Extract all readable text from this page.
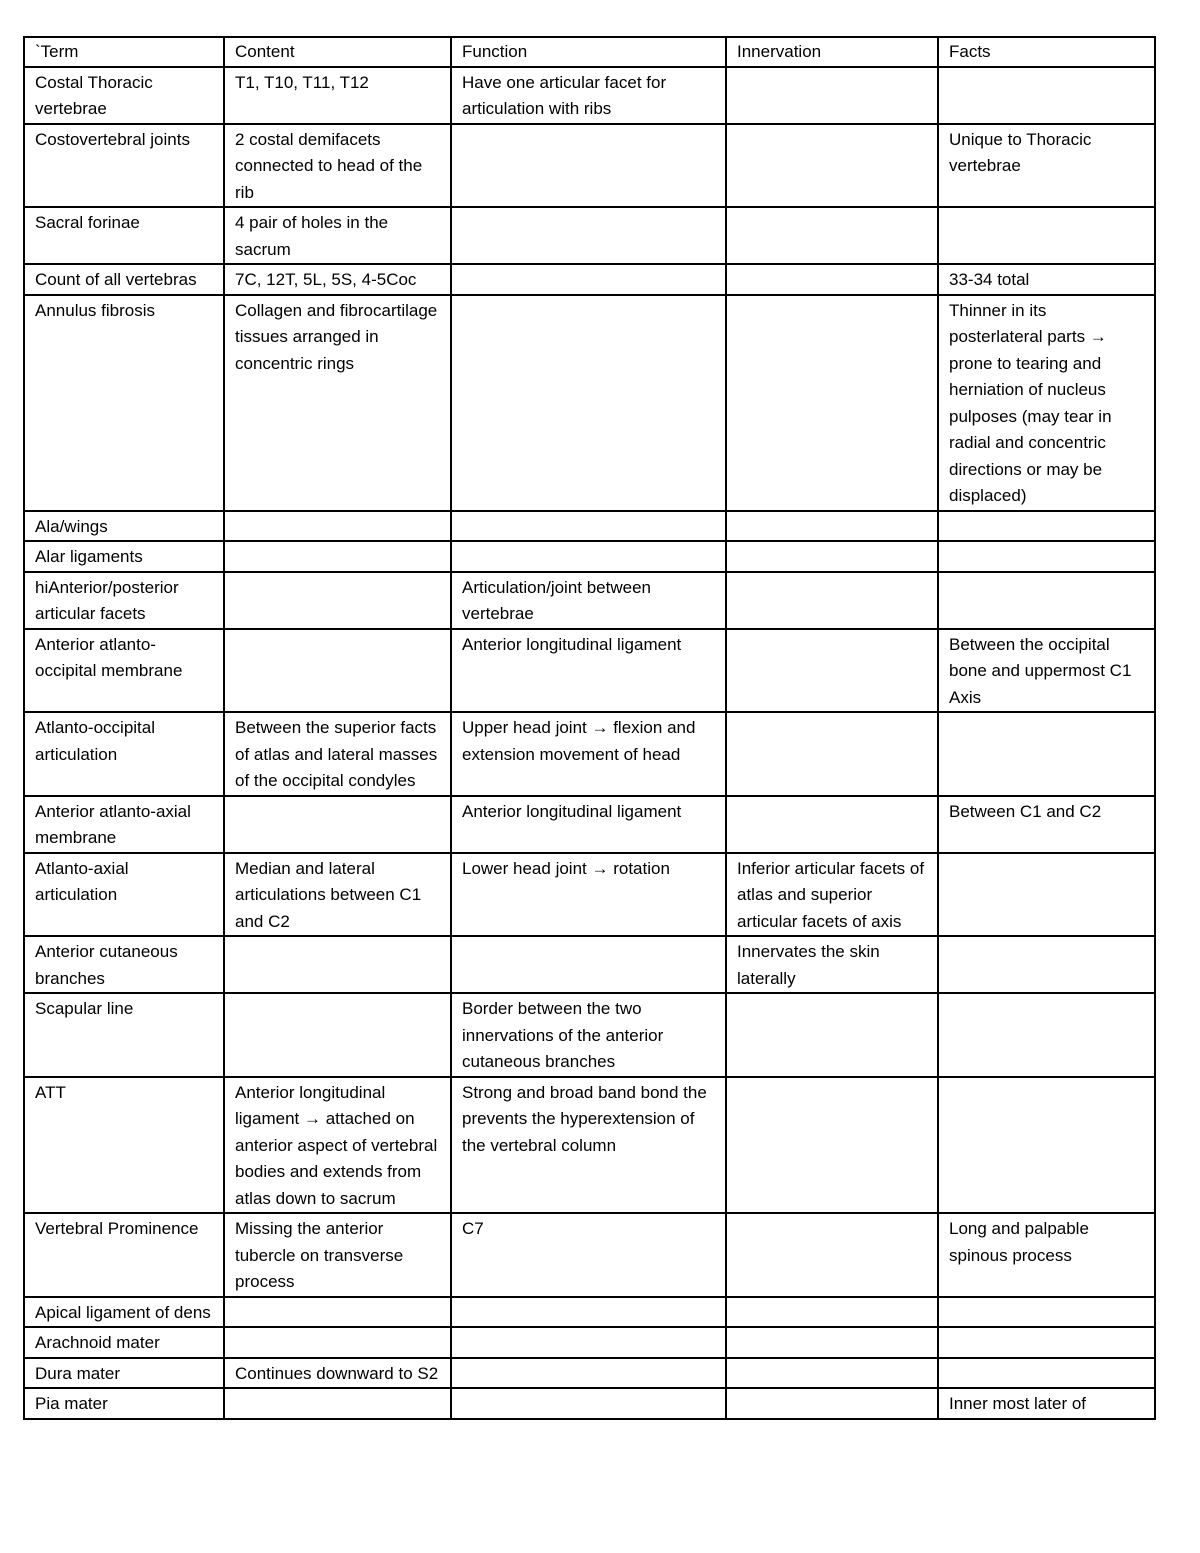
`Term	Content	Function	Innervation	Facts
Costal Thoracic vertebrae	T1, T10, T11, T12	Have one articular facet for articulation with ribs		
Costovertebral joints	2 costal demifacets connected to head of the rib			Unique to Thoracic vertebrae
Sacral forinae	4 pair of holes in the sacrum			
Count of all vertebras	7C, 12T, 5L, 5S, 4-5Coc			33-34 total
Annulus fibrosis	Collagen and fibrocartilage tissues arranged in concentric rings			Thinner in its posterlateral parts → prone to tearing and herniation of nucleus pulposes (may tear in radial and concentric directions or may be displaced)
Ala/wings				
Alar ligaments				
hiAnterior/posterior articular facets		Articulation/joint between vertebrae		
Anterior atlanto-occipital membrane		Anterior longitudinal ligament		Between the occipital bone and uppermost C1 Axis
Atlanto-occipital articulation	Between the superior facts of atlas and lateral masses of the occipital condyles	Upper head joint → flexion and extension movement of head		
Anterior atlanto-axial membrane		Anterior longitudinal ligament		Between C1 and C2
Atlanto-axial articulation	Median and lateral articulations between C1 and C2	Lower head joint → rotation	Inferior articular facets of atlas and superior articular facets of axis	
Anterior cutaneous branches			Innervates the skin laterally	
Scapular line		Border between the two innervations of the anterior cutaneous branches		
ATT	Anterior longitudinal ligament → attached on anterior aspect of vertebral bodies and extends from atlas down to sacrum	Strong and broad band bond the prevents the hyperextension of the vertebral column		
Vertebral Prominence	Missing the anterior tubercle on transverse process	C7		Long and palpable spinous process
Apical ligament of dens				
Arachnoid mater				
Dura mater	Continues downward to S2			
Pia mater				Inner most later of
